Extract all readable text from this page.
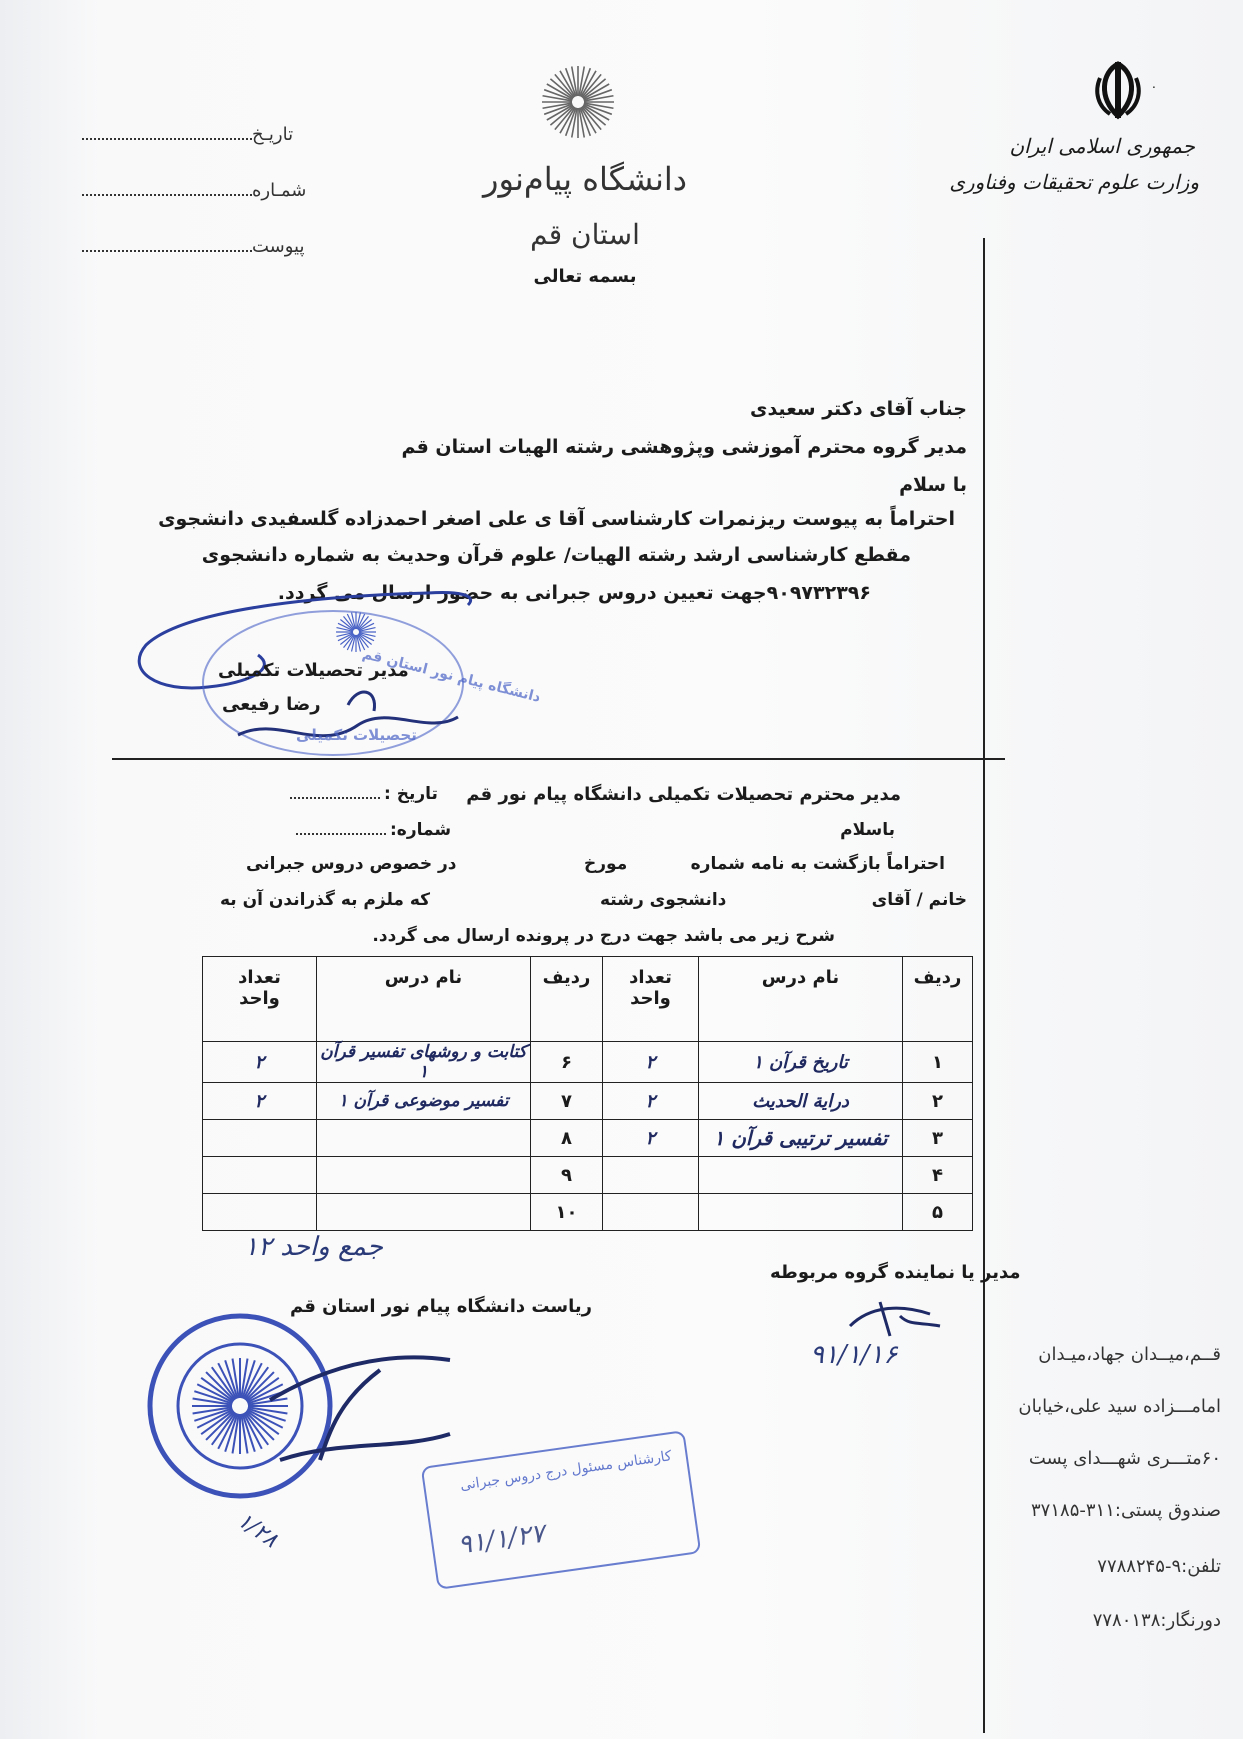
.
جمهوری اسلامی ایران
وزارت علوم تحقیقات وفناوری
دانشگاه پیام‌نور
استان قم
بسمه تعالی
تاریـخ
شمـاره
پیوست
جناب آقای دکتر سعیدی
مدیر گروه محترم آموزشی وپژوهشی رشته الهیات استان قم
با سلام
احتراماً به پیوست ریزنمرات کارشناسی آقا ی علی اصغر احمدزاده گلسفیدی دانشجوی
مقطع کارشناسی ارشد رشته الهیات/ علوم قرآن وحدیث به شماره دانشجوی
۹۰۹۷۳۲۳۹۶جهت تعیین دروس جبرانی به حضور ارسال می گردد.
دانشگاه پیام نور استان قم
تحصیلات تکمیلی
مدیر تحصیلات تکمیلی
رضا رفیعی
مدیر محترم تحصیلات تکمیلی دانشگاه پیام نور قم
تاریخ :
شماره:	باسلام
احتراماً بازگشت به نامه شماره
مورخ
در خصوص دروس جبرانی
خانم / آقای
دانشجوی رشته
که ملزم به گذراندن آن به
شرح زیر می باشد جهت درج در پرونده ارسال می گردد.
ردیف	نام درس	تعداد
واحد	ردیف	نام درس	تعداد
واحد
۱	تاریخ قرآن ۱	۲	۶	کتابت و روشهای تفسیر قرآن ۱	۲
۲	درایة الحدیث	۲	۷	تفسیر موضوعی قرآن ۱	۲
۳	تفسیر ترتیبی قرآن ۱	۲	۸		
۴			۹		
۵			۱۰		
جمع واحد ۱۲
مدیر یا نماینده گروه مربوطه
۹۱/۱/۱۶
ریاست دانشگاه پیام نور استان قم
۱/۲۸
کارشناس مسئول درج دروس جبرانی
۹۱/۱/۲۷
قــم،میــدان جهاد،میـدان
امامـــزاده سید علی،خیابان
۶۰متـــری شهـــدای پست
صندوق پستی:۳۱۱-۳۷۱۸۵
تلفن:۹-۷۷۸۸۲۴۵
دورنگار:۷۷۸۰۱۳۸
